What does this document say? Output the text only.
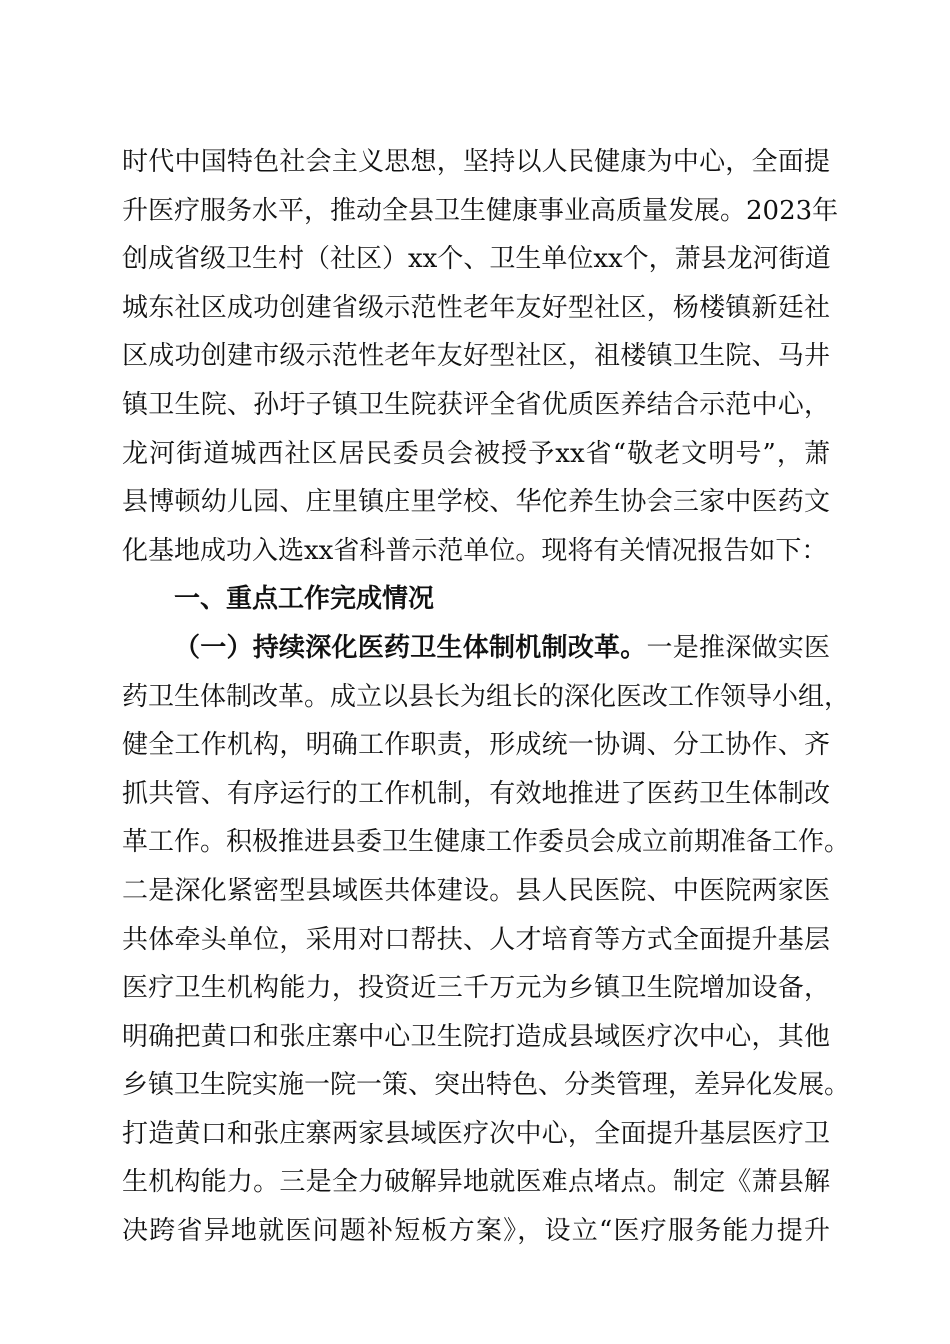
时代中国特色社会主义思想，坚持以人民健康为中心，全面提
升医疗服务水平，推动全县卫生健康事业高质量发展。2023年
创成省级卫生村（社区）xx个、卫生单位xx个，萧县龙河街道
城东社区成功创建省级示范性老年友好型社区，杨楼镇新廷社
区成功创建市级示范性老年友好型社区，祖楼镇卫生院、马井
镇卫生院、孙圩子镇卫生院获评全省优质医养结合示范中心，
龙河街道城西社区居民委员会被授予xx省“敬老文明号”，萧
县博顿幼儿园、庄里镇庄里学校、华佗养生协会三家中医药文
化基地成功入选xx省科普示范单位。现将有关情况报告如下：
一、重点工作完成情况
（一）持续深化医药卫生体制机制改革。一是推深做实医
药卫生体制改革。成立以县长为组长的深化医改工作领导小组，
健全工作机构，明确工作职责，形成统一协调、分工协作、齐
抓共管、有序运行的工作机制，有效地推进了医药卫生体制改
革工作。积极推进县委卫生健康工作委员会成立前期准备工作。
二是深化紧密型县域医共体建设。县人民医院、中医院两家医
共体牵头单位，采用对口帮扶、人才培育等方式全面提升基层
医疗卫生机构能力，投资近三千万元为乡镇卫生院增加设备，
明确把黄口和张庄寨中心卫生院打造成县域医疗次中心，其他
乡镇卫生院实施一院一策、突出特色、分类管理，差异化发展。
打造黄口和张庄寨两家县域医疗次中心，全面提升基层医疗卫
生机构能力。三是全力破解异地就医难点堵点。制定《萧县解
决跨省异地就医问题补短板方案》，设立“医疗服务能力提升
